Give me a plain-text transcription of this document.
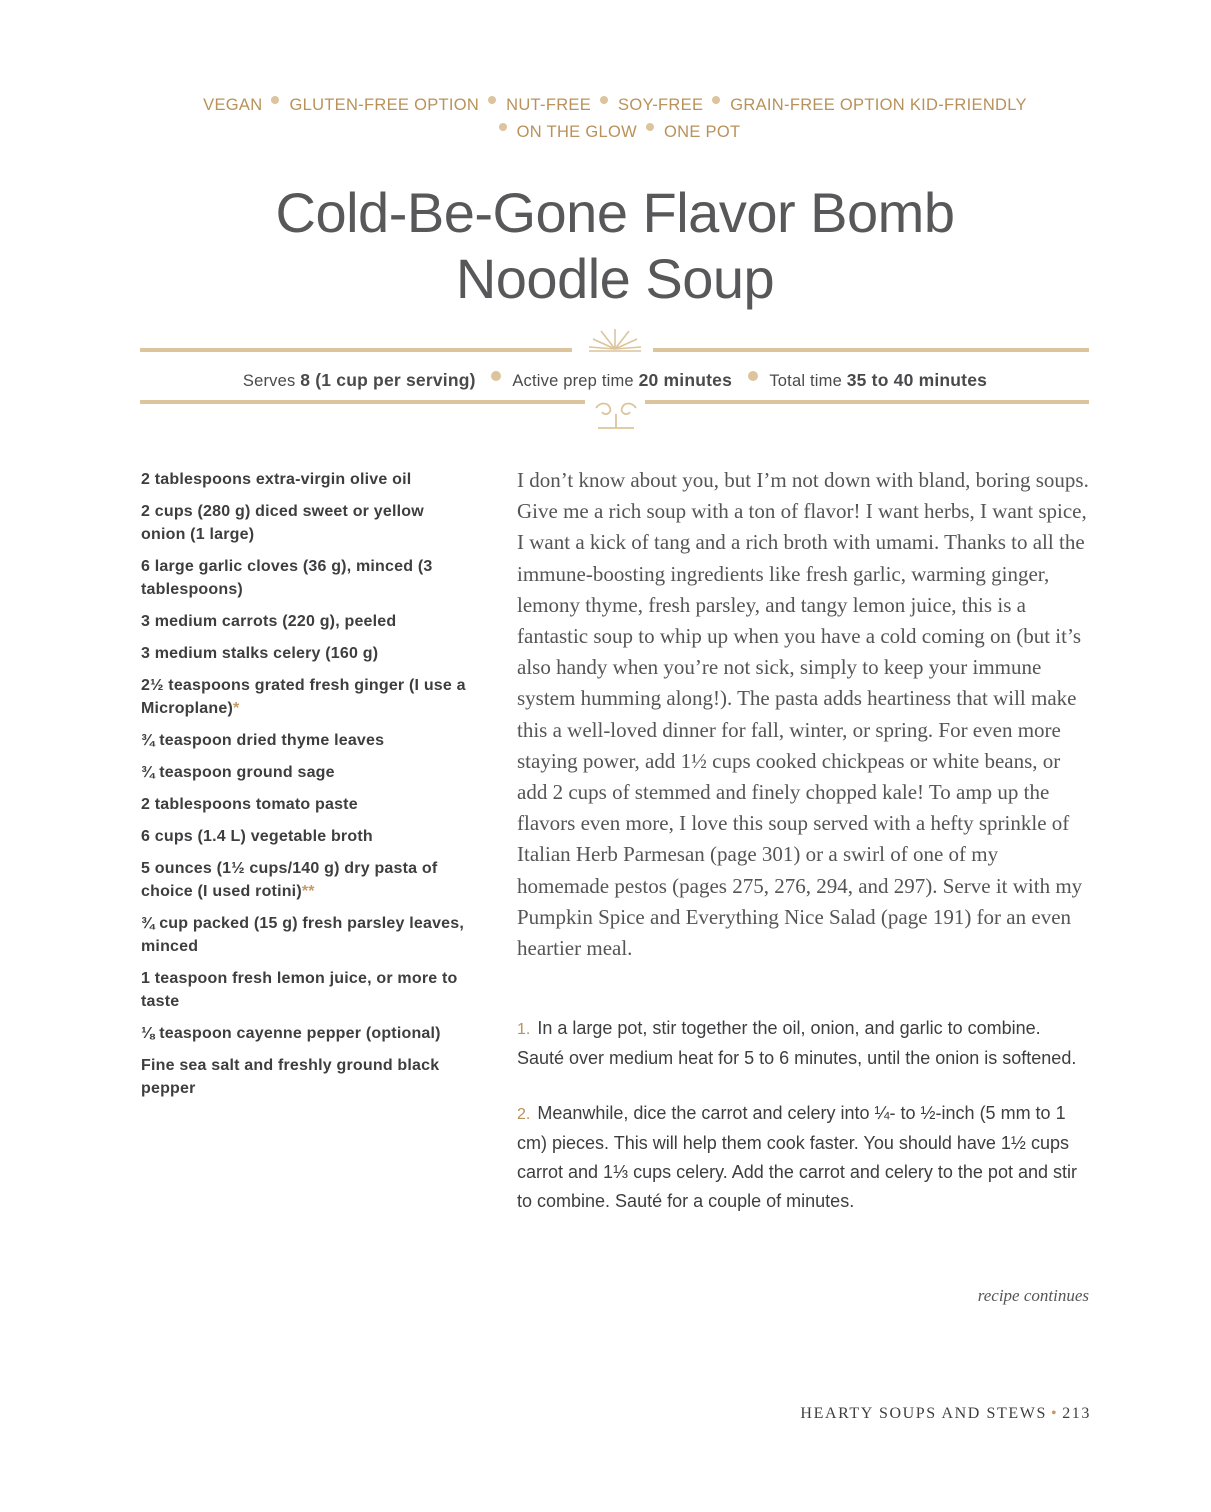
VEGAN GLUTEN-FREE OPTION NUT-FREE SOY-FREE GRAIN-FREE OPTION KID-FRIENDLYON THE GLOW ONE POT
Cold-Be-Gone Flavor Bomb
Noodle Soup
Serves 8 (1 cup per serving) Active prep time 20 minutes Total time 35 to 40 minutes
2 tablespoons extra-virgin olive oil
2 cups (280 g) diced sweet or yellow onion (1 large)
6 large garlic cloves (36 g), minced (3 tablespoons)
3 medium carrots (220 g), peeled
3 medium stalks celery (160 g)
2½ teaspoons grated fresh ginger (I use a Microplane)*
¾ teaspoon dried thyme leaves
¾ teaspoon ground sage
2 tablespoons tomato paste
6 cups (1.4 L) vegetable broth
5 ounces (1½ cups/140 g) dry pasta of choice (I used rotini)**
¾ cup packed (15 g) fresh parsley leaves, minced
1 teaspoon fresh lemon juice, or more to taste
⅛ teaspoon cayenne pepper (optional)
Fine sea salt and freshly ground black pepper

I don’t know about you, but I’m not down with bland, boring soups. Give me a rich soup with a ton of flavor! I want herbs, I want spice, I want a kick of tang and a rich broth with umami. Thanks to all the immune-boosting ingredients like fresh garlic, warming ginger, lemony thyme, fresh parsley, and tangy lemon juice, this is a fantastic soup to whip up when you have a cold coming on (but it’s also handy when you’re not sick, simply to keep your immune system humming along!). The pasta adds heartiness that will make this a well-loved dinner for fall, winter, or spring. For even more staying power, add 1½ cups cooked chickpeas or white beans, or add 2 cups of stemmed and finely chopped kale! To amp up the flavors even more, I love this soup served with a hefty sprinkle of Italian Herb Parmesan (page 301) or a swirl of one of my homemade pestos (pages 275, 276, 294, and 297). Serve it with my Pumpkin Spice and Everything Nice Salad (page 191) for an even heartier meal.

1. In a large pot, stir together the oil, onion, and garlic to combine. Sauté over medium heat for 5 to 6 minutes, until the onion is softened.

2. Meanwhile, dice the carrot and celery into ¼- to ½-inch (5 mm to 1 cm) pieces. This will help them cook faster. You should have 1½ cups carrot and 1⅓ cups celery. Add the carrot and celery to the pot and stir to combine. Sauté for a couple of minutes.

recipe continues
HEARTY SOUPS AND STEWS • 213
